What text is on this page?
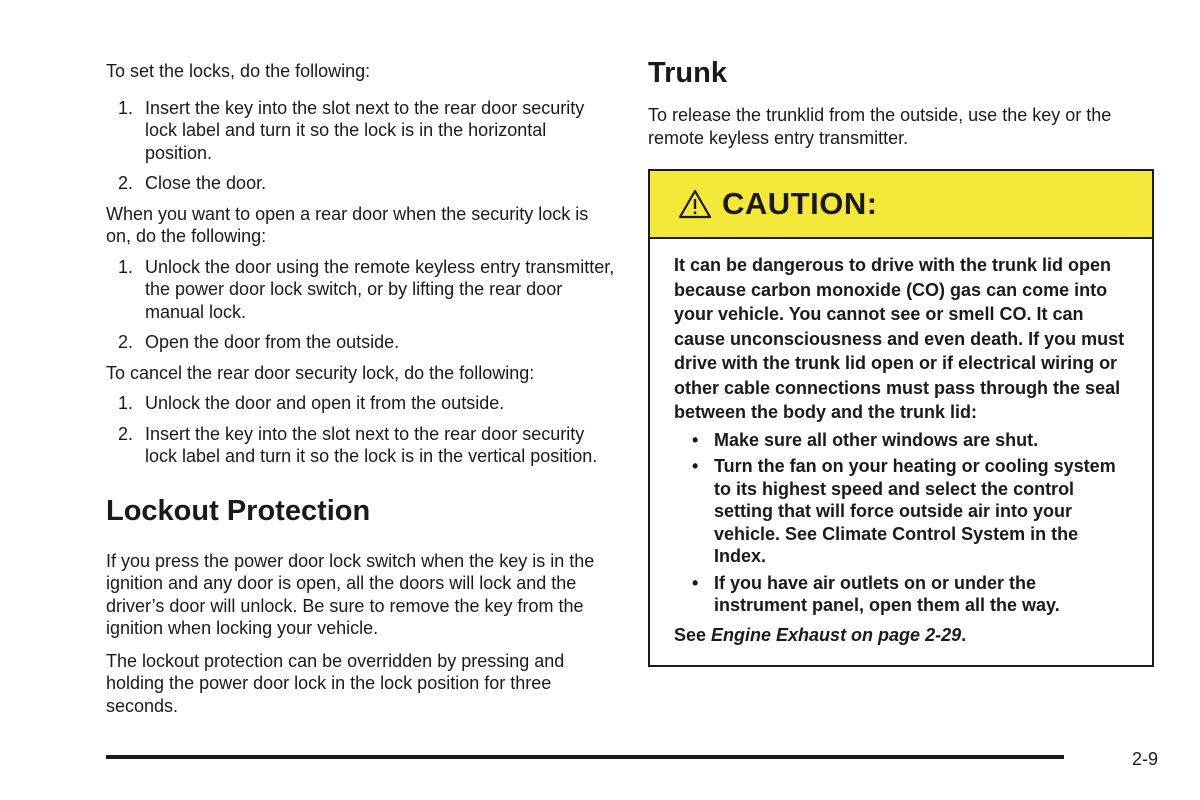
To set the locks, do the following:

1. Insert the key into the slot next to the rear door security lock label and turn it so the lock is in the horizontal position.
2. Close the door.

When you want to open a rear door when the security lock is on, do the following:

1. Unlock the door using the remote keyless entry transmitter, the power door lock switch, or by lifting the rear door manual lock.
2. Open the door from the outside.

To cancel the rear door security lock, do the following:

1. Unlock the door and open it from the outside.
2. Insert the key into the slot next to the rear door security lock label and turn it so the lock is in the vertical position.
Lockout Protection

If you press the power door lock switch when the key is in the ignition and any door is open, all the doors will lock and the driver’s door will unlock. Be sure to remove the key from the ignition when locking your vehicle.

The lockout protection can be overridden by pressing and holding the power door lock in the lock position for three seconds.

Trunk

To release the trunklid from the outside, use the key or the remote keyless entry transmitter.

CAUTION:

It can be dangerous to drive with the trunk lid open because carbon monoxide (CO) gas can come into your vehicle. You cannot see or smell CO. It can cause unconsciousness and even death. If you must drive with the trunk lid open or if electrical wiring or other cable connections must pass through the seal between the body and the trunk lid:

• Make sure all other windows are shut.
• Turn the fan on your heating or cooling system to its highest speed and select the control setting that will force outside air into your vehicle. See Climate Control System in the Index.
• If you have air outlets on or under the instrument panel, open them all the way.

See Engine Exhaust on page 2-29.

2-9
